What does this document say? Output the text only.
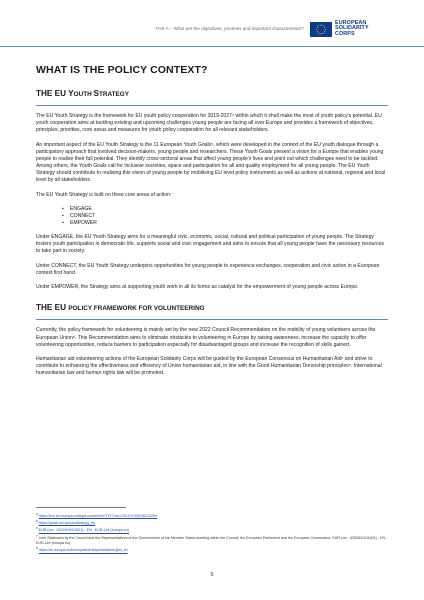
Part A – What are the objectives, priorities and important characteristics?
EUROPEAN
SOLIDARITY
CORPS
WHAT IS THE POLICY CONTEXT?
THE EU YOUTH STRATEGY

The EU Youth Strategy is the framework for EU youth policy cooperation for 2019-2027⁴ within which it shall make the most of youth policy's potential. EU youth cooperation aims at tackling existing and upcoming challenges young people are facing all over Europe and provides a framework of objectives, principles, priorities, core areas and measures for youth policy cooperation for all relevant stakeholders.

An important aspect of the EU Youth Strategy is the 11 European Youth Goals⁵, which were developed in the context of the EU youth dialogue through a participatory approach that involved decision-makers, young people and researchers. These Youth Goals present a vision for a Europe that enables young people to realise their full potential. They identify cross-sectoral areas that affect young people's lives and point out which challenges need to be tackled. Among others, the Youth Goals call for inclusive societies, space and participation for all and quality employment for all young people. The EU Youth Strategy should contribute to realising this vision of young people by mobilising EU level policy instruments as well as actions at national, regional and local level by all stakeholders.

The EU Youth Strategy is built on three core areas of action:

▪ ENGAGE
▪ CONNECT
▪ EMPOWER

Under ENGAGE, the EU Youth Strategy aims for a meaningful civic, economic, social, cultural and political participation of young people. The Strategy fosters youth participation in democratic life, supports social and civic engagement and aims to ensure that all young people have the necessary resources to take part in society.

Under CONNECT, the EU Youth Strategy underpins opportunities for young people to experience exchanges, cooperation and civic action in a European context first hand.

Under EMPOWER, the Strategy aims at supporting youth work in all its forms as catalyst for the empowerment of young people across Europe.

THE EU POLICY FRAMEWORK FOR VOLUNTEERING

Currently, the policy framework for volunteering is mainly set by the new 2022 Council Recommendation on the mobility of young volunteers across the European Union⁶. This Recommendation aims to eliminate obstacles to volunteering in Europe by raising awareness, increase the capacity to offer volunteering opportunities, reduce barriers to participation especially for disadvantaged groups and increase the recognition of skills gained.

Humanitarian aid volunteering actions of the European Solidarity Corps will be guided by the European Consensus on Humanitarian Aid⁷ and strive to contribute to enhancing the effectiveness and efficiency of Union humanitarian aid, in line with the Good Humanitarian Donorship principles⁸. International humanitarian law and human rights law will be promoted.

$^4$ https://eur-lex.europa.eu/legal-content/en/TXT/?uri=CELEX:52018DC0269
$^5$ https://youth.europa.eu/strategy_en
$^6$ EUR-Lex - 32022H0413(01) - EN - EUR-Lex (europa.eu)
$^7$ Joint Statement by the Council and the Representatives of the Governments of the Member States meeting within the Council, the European Parliament and the European Commission, EUR-Lex - 42008X0130(01) - EN - EUR-Lex (europa.eu)
$^8$ https://ec.europa.eu/echo/partnerships/relations/ghd_en
5
